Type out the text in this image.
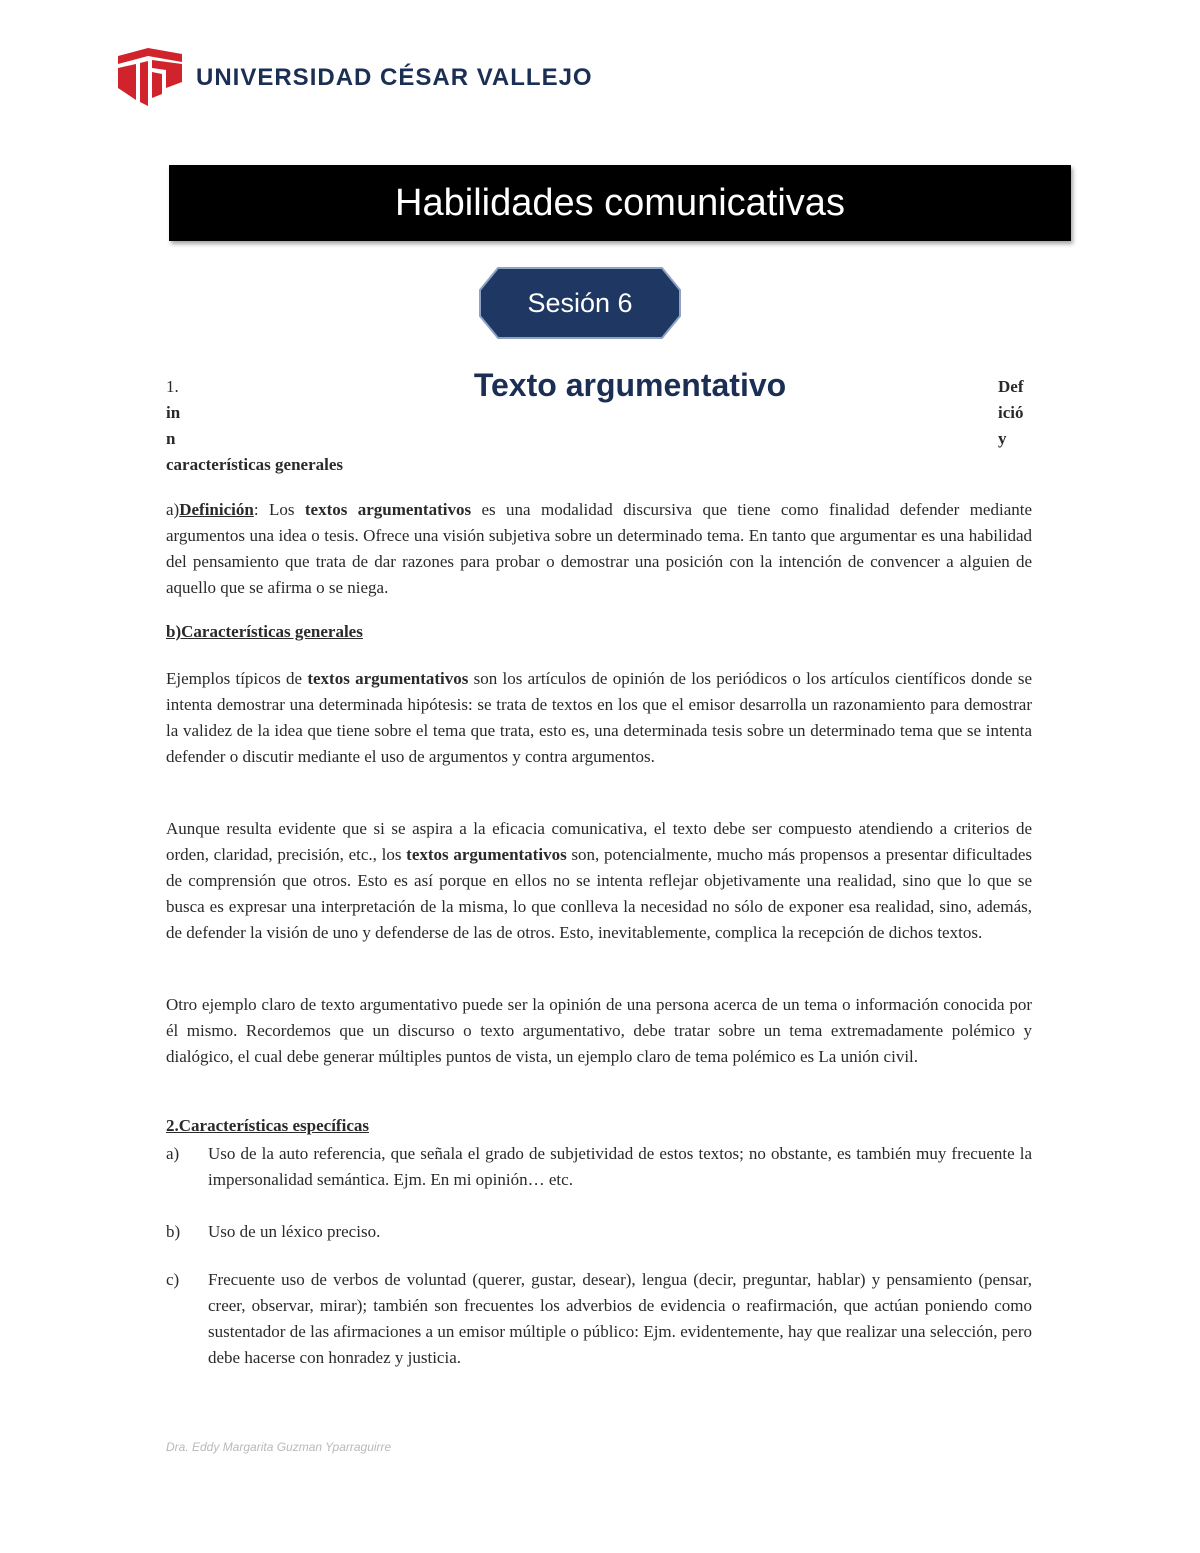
UNIVERSIDAD CÉSAR VALLEJO
Habilidades comunicativas
Sesión 6
Texto argumentativo
1.
in
n
características generales
Def
ició
y

a)Definición: Los textos argumentativos es una modalidad discursiva que tiene como finalidad defender mediante argumentos una idea o tesis. Ofrece una visión subjetiva sobre un determinado tema. En tanto que argumentar es una habilidad del pensamiento que trata de dar razones para probar o demostrar una posición con la intención de convencer a alguien de aquello que se afirma o se niega.

b)Características generales

Ejemplos típicos de textos argumentativos son los artículos de opinión de los periódicos o los artículos científicos donde se intenta demostrar una determinada hipótesis: se trata de textos en los que el emisor desarrolla un razonamiento para demostrar la validez de la idea que tiene sobre el tema que trata, esto es, una determinada tesis sobre un determinado tema que se intenta defender o discutir mediante el uso de argumentos y contra argumentos.

Aunque resulta evidente que si se aspira a la eficacia comunicativa, el texto debe ser compuesto atendiendo a criterios de orden, claridad, precisión, etc., los textos argumentativos son, potencialmente, mucho más propensos a presentar dificultades de comprensión que otros. Esto es así porque en ellos no se intenta reflejar objetivamente una realidad, sino que lo que se busca es expresar una interpretación de la misma, lo que conlleva la necesidad no sólo de exponer esa realidad, sino, además, de defender la visión de uno y defenderse de las de otros. Esto, inevitablemente, complica la recepción de dichos textos.

Otro ejemplo claro de texto argumentativo puede ser la opinión de una persona acerca de un tema o información conocida por él mismo. Recordemos que un discurso o texto argumentativo, debe tratar sobre un tema extremadamente polémico y dialógico, el cual debe generar múltiples puntos de vista, un ejemplo claro de tema polémico es La unión civil.

2.Características específicas

a) Uso de la auto referencia, que señala el grado de subjetividad de estos textos; no obstante, es también muy frecuente la impersonalidad semántica. Ejm. En mi opinión… etc.
b) Uso de un léxico preciso.
c) Frecuente uso de verbos de voluntad (querer, gustar, desear), lengua (decir, preguntar, hablar) y pensamiento (pensar, creer, observar, mirar); también son frecuentes los adverbios de evidencia o reafirmación, que actúan poniendo como sustentador de las afirmaciones a un emisor múltiple o público: Ejm. evidentemente, hay que realizar una selección, pero debe hacerse con honradez y justicia.
Dra. Eddy Margarita Guzman Yparraguirre
